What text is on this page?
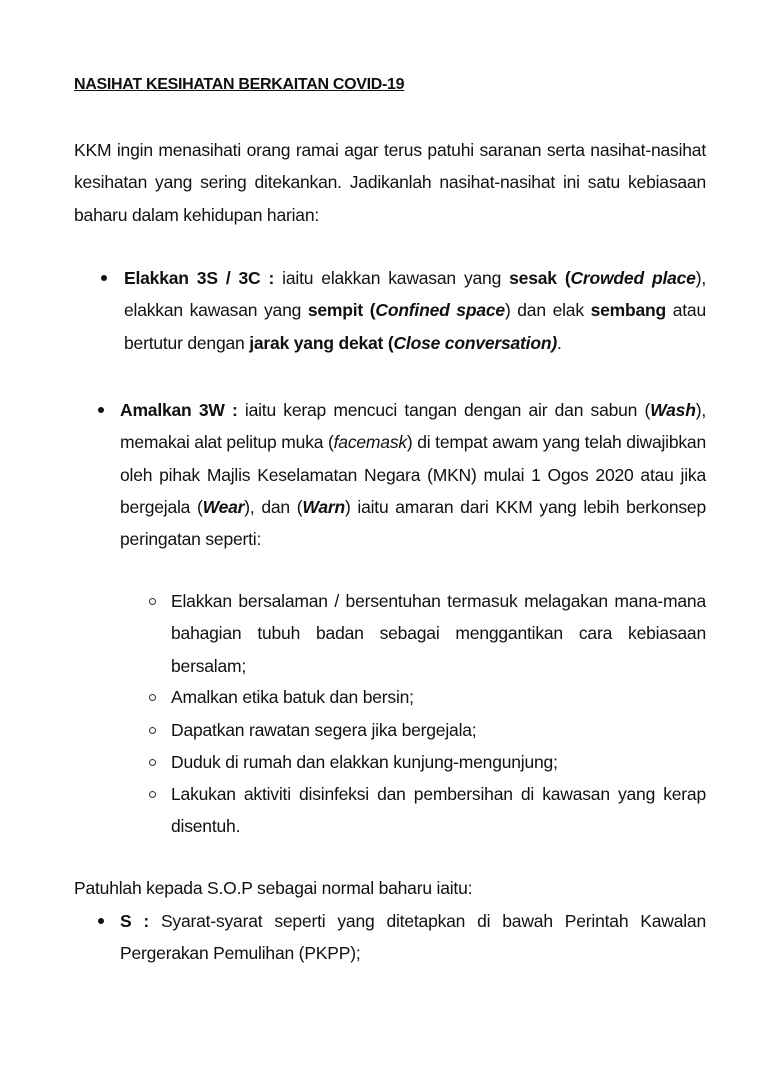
NASIHAT KESIHATAN BERKAITAN COVID-19
KKM ingin menasihati orang ramai agar terus patuhi saranan serta nasihat-nasihat kesihatan yang sering ditekankan. Jadikanlah nasihat-nasihat ini satu kebiasaan baharu dalam kehidupan harian:
Elakkan 3S / 3C : iaitu elakkan kawasan yang sesak (Crowded place), elakkan kawasan yang sempit (Confined space) dan elak sembang atau bertutur dengan jarak yang dekat (Close conversation).
Amalkan 3W : iaitu kerap mencuci tangan dengan air dan sabun (Wash), memakai alat pelitup muka (facemask) di tempat awam yang telah diwajibkan oleh pihak Majlis Keselamatan Negara (MKN) mulai 1 Ogos 2020 atau jika bergejala (Wear), dan (Warn) iaitu amaran dari KKM yang lebih berkonsep peringatan seperti:
Elakkan bersalaman / bersentuhan termasuk melagakan mana-mana bahagian tubuh badan sebagai menggantikan cara kebiasaan bersalam;
Amalkan etika batuk dan bersin;
Dapatkan rawatan segera jika bergejala;
Duduk di rumah dan elakkan kunjung-mengunjung;
Lakukan aktiviti disinfeksi dan pembersihan di kawasan yang kerap disentuh.
Patuhlah kepada S.O.P sebagai normal baharu iaitu:
S : Syarat-syarat seperti yang ditetapkan di bawah Perintah Kawalan Pergerakan Pemulihan (PKPP);
